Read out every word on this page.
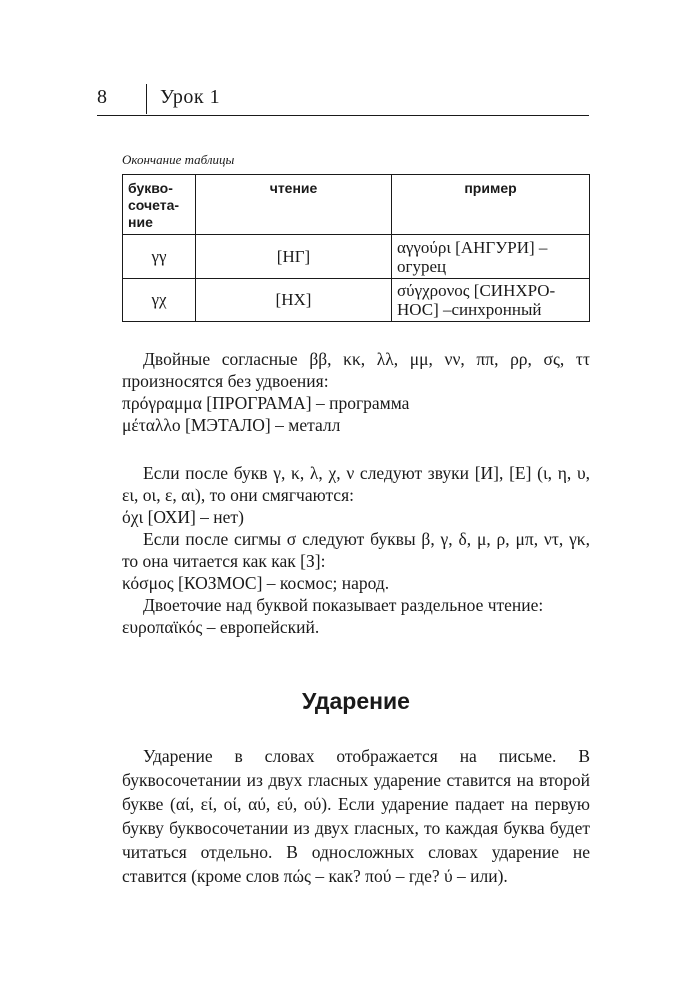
8	Урок 1
Окончание таблицы
букво-сочета-ние	чтение	пример
γγ	[НГ]	αγγούρι [АНГУРИ] – огурец
γχ	[НХ]	σύγχρονος [СИНХРО-НОС] –синхронный

Двойные согласные ββ, κκ, λλ, μμ, νν, ππ, ρρ, σς, ττ произносятся без удвоения:

πρόγραμμα [ПРОГРАМА] – программа

μέταλλο [МЭТАЛО] – металл

Если после букв γ, κ, λ, χ, ν следуют звуки [И], [Е] (ι, η, υ, ει, οι, ε, αι), то они смягчаются:

όχι [ОХИ] – нет)

Если после сигмы σ следуют буквы β, γ, δ, μ, ρ, μπ, ντ, γκ, то она читается как как [З]:

κόσμος [КОЗМОС] – космос; народ.

Двоеточие над буквой показывает раздельное чтение:

ευροπαϊκός – европейский.

Ударение

Ударение в словах отображается на письме. В буквосочетании из двух гласных ударение ставится на второй букве (αί, εί, οί, αύ, εύ, ού). Если ударение падает на первую букву буквосочетании из двух гласных, то каждая буква будет читаться отдельно. В односложных словах ударение не ставится (кроме слов πώς – как? πού – где? ύ – или).
